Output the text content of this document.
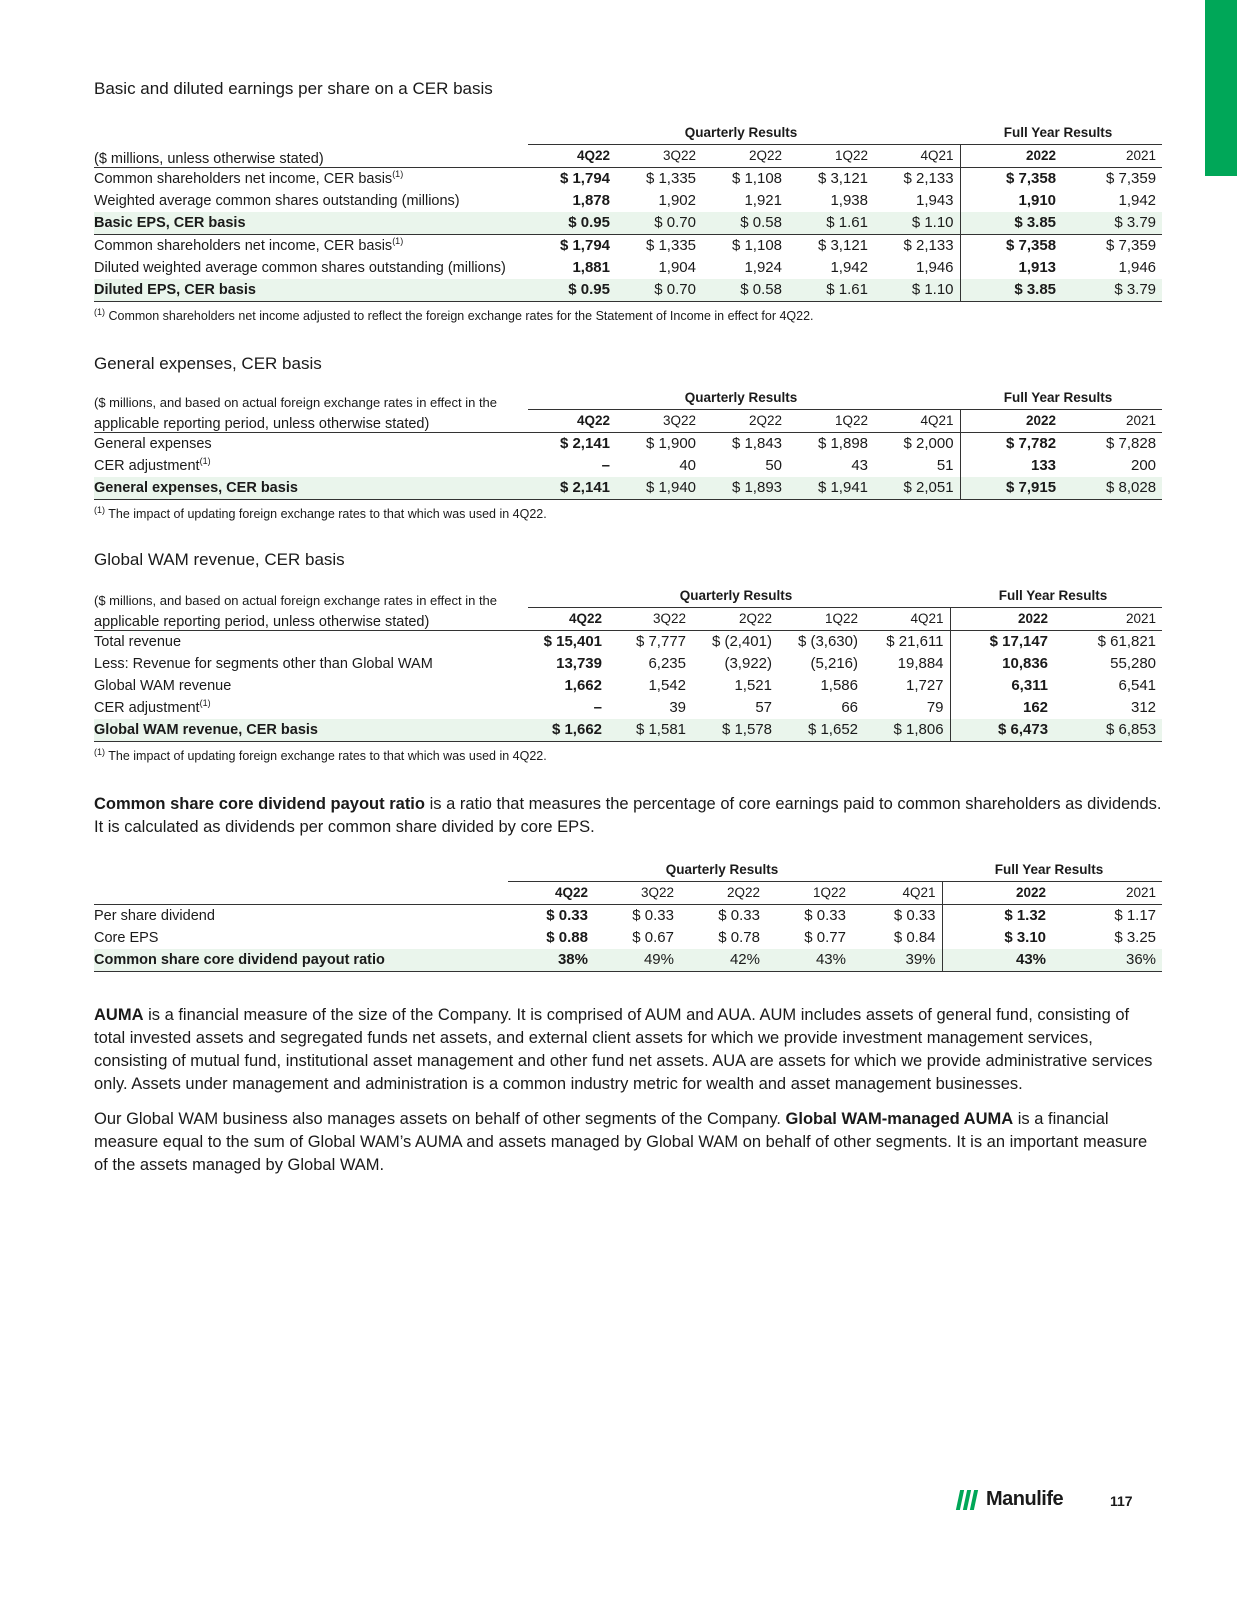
Basic and diluted earnings per share on a CER basis
	Quarterly Results					Full Year Results	
($ millions, unless otherwise stated)	4Q22	3Q22	2Q22	1Q22	4Q21	2022	2021
Common shareholders net income, CER basis$^{(1)}$	$ 1,794	$ 1,335	$ 1,108	$ 3,121	$ 2,133	$ 7,358	$ 7,359
Weighted average common shares outstanding (millions)	1,878	1,902	1,921	1,938	1,943	1,910	1,942
Basic EPS, CER basis	$ 0.95	$ 0.70	$ 0.58	$ 1.61	$ 1.10	$ 3.85	$ 3.79
Common shareholders net income, CER basis$^{(1)}$	$ 1,794	$ 1,335	$ 1,108	$ 3,121	$ 2,133	$ 7,358	$ 7,359
Diluted weighted average common shares outstanding (millions)	1,881	1,904	1,924	1,942	1,946	1,913	1,946
Diluted EPS, CER basis	$ 0.95	$ 0.70	$ 0.58	$ 1.61	$ 1.10	$ 3.85	$ 3.79
$^{(1)}$ Common shareholders net income adjusted to reflect the foreign exchange rates for the Statement of Income in effect for 4Q22.
General expenses, CER basis
($ millions, and based on actual foreign exchange rates in effect in the	Quarterly Results					Full Year Results	
applicable reporting period, unless otherwise stated)	4Q22	3Q22	2Q22	1Q22	4Q21	2022	2021
General expenses	$ 2,141	$ 1,900	$ 1,843	$ 1,898	$ 2,000	$ 7,782	$ 7,828
CER adjustment$^{(1)}$	–	40	50	43	51	133	200
General expenses, CER basis	$ 2,141	$ 1,940	$ 1,893	$ 1,941	$ 2,051	$ 7,915	$ 8,028
$^{(1)}$ The impact of updating foreign exchange rates to that which was used in 4Q22.
Global WAM revenue, CER basis
($ millions, and based on actual foreign exchange rates in effect in the	Quarterly Results					Full Year Results	
applicable reporting period, unless otherwise stated)	4Q22	3Q22	2Q22	1Q22	4Q21	2022	2021
Total revenue	$ 15,401	$ 7,777	$ (2,401)	$ (3,630)	$ 21,611	$ 17,147	$ 61,821
Less: Revenue for segments other than Global WAM	13,739	6,235	(3,922)	(5,216)	19,884	10,836	55,280
Global WAM revenue	1,662	1,542	1,521	1,586	1,727	6,311	6,541
CER adjustment$^{(1)}$	–	39	57	66	79	162	312
Global WAM revenue, CER basis	$ 1,662	$ 1,581	$ 1,578	$ 1,652	$ 1,806	$ 6,473	$ 6,853
$^{(1)}$ The impact of updating foreign exchange rates to that which was used in 4Q22.

Common share core dividend payout ratio is a ratio that measures the percentage of core earnings paid to common shareholders as dividends. It is calculated as dividends per common share divided by core EPS.

	Quarterly Results					Full Year Results	
	4Q22	3Q22	2Q22	1Q22	4Q21	2022	2021
Per share dividend	$ 0.33	$ 0.33	$ 0.33	$ 0.33	$ 0.33	$ 1.32	$ 1.17
Core EPS	$ 0.88	$ 0.67	$ 0.78	$ 0.77	$ 0.84	$ 3.10	$ 3.25
Common share core dividend payout ratio	38%	49%	42%	43%	39%	43%	36%

AUMA is a financial measure of the size of the Company. It is comprised of AUM and AUA. AUM includes assets of general fund, consisting of total invested assets and segregated funds net assets, and external client assets for which we provide investment management services, consisting of mutual fund, institutional asset management and other fund net assets. AUA are assets for which we provide administrative services only. Assets under management and administration is a common industry metric for wealth and asset management businesses.

Our Global WAM business also manages assets on behalf of other segments of the Company. Global WAM-managed AUMA is a financial measure equal to the sum of Global WAM’s AUMA and assets managed by Global WAM on behalf of other segments. It is an important measure of the assets managed by Global WAM.

Manulife	117
